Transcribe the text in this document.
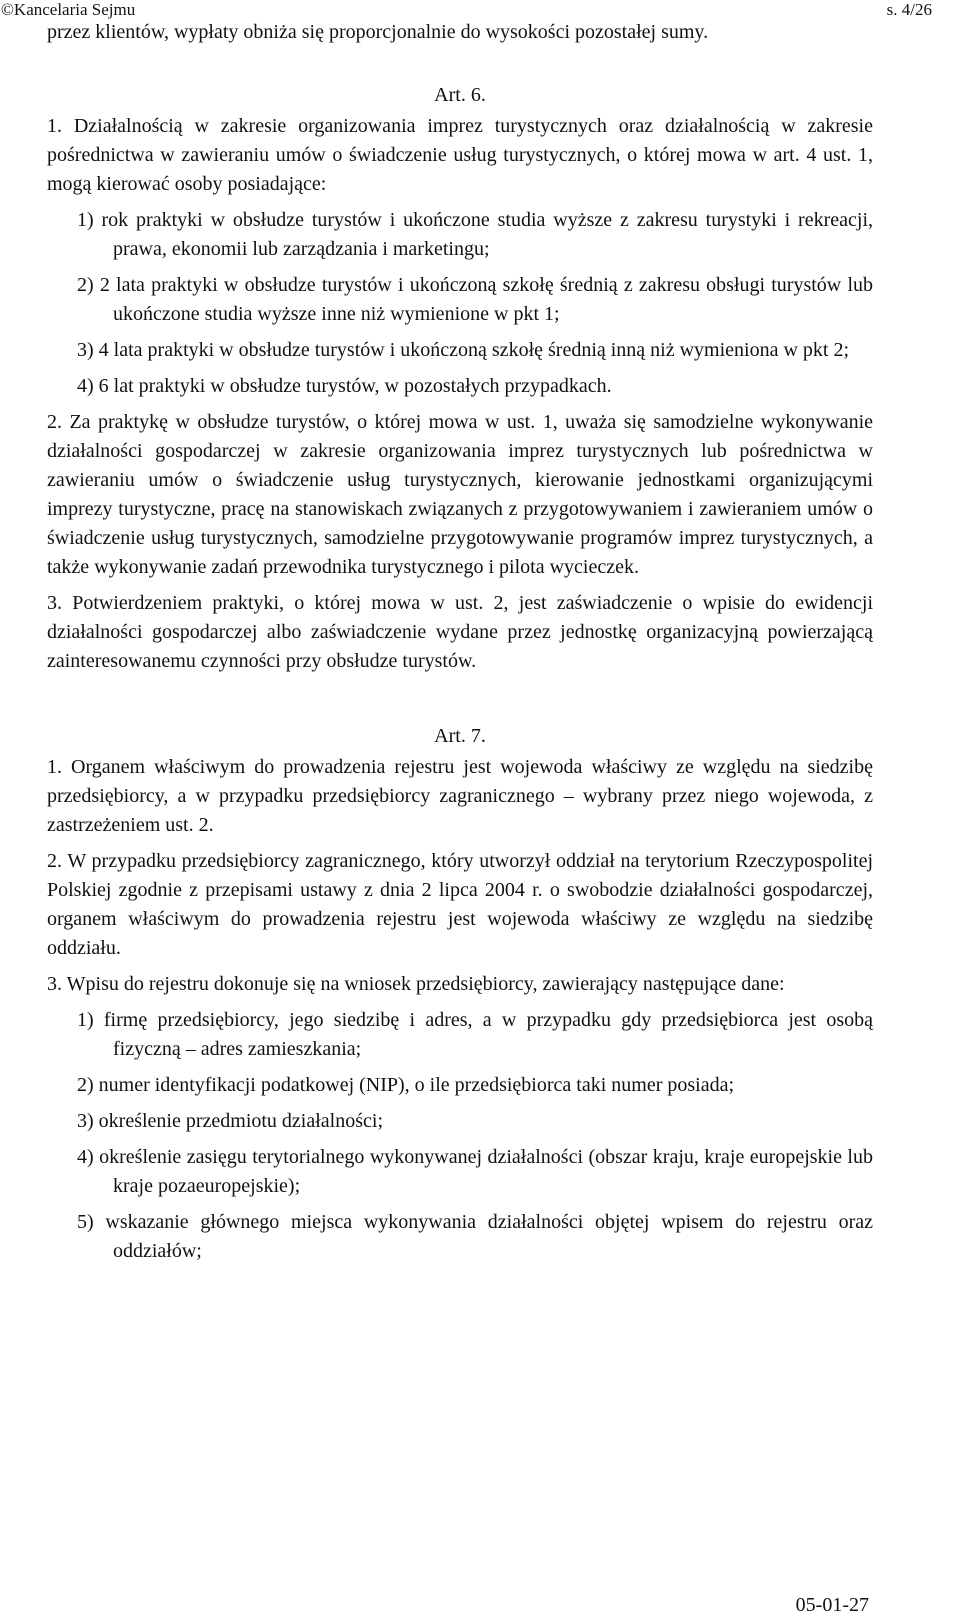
©Kancelaria Sejmu	s. 4/26

przez klientów, wypłaty obniża się proporcjonalnie do wysokości pozostałej sumy.

Art. 6.

1. Działalnością w zakresie organizowania imprez turystycznych oraz działalnością w zakresie pośrednictwa w zawieraniu umów o świadczenie usług turystycznych, o której mowa w art. 4 ust. 1, mogą kierować osoby posiadające:

1) rok praktyki w obsłudze turystów i ukończone studia wyższe z zakresu turystyki i rekreacji, prawa, ekonomii lub zarządzania i marketingu;

2) 2 lata praktyki w obsłudze turystów i ukończoną szkołę średnią z zakresu obsługi turystów lub ukończone studia wyższe inne niż wymienione w pkt 1;

3) 4 lata praktyki w obsłudze turystów i ukończoną szkołę średnią inną niż wymieniona w pkt 2;

4) 6 lat praktyki w obsłudze turystów, w pozostałych przypadkach.

2. Za praktykę w obsłudze turystów, o której mowa w ust. 1, uważa się samodzielne wykonywanie działalności gospodarczej w zakresie organizowania imprez turystycznych lub pośrednictwa w zawieraniu umów o świadczenie usług turystycznych, kierowanie jednostkami organizującymi imprezy turystyczne, pracę na stanowiskach związanych z przygotowywaniem i zawieraniem umów o świadczenie usług turystycznych, samodzielne przygotowywanie programów imprez turystycznych, a także wykonywanie zadań przewodnika turystycznego i pilota wycieczek.

3. Potwierdzeniem praktyki, o której mowa w ust. 2, jest zaświadczenie o wpisie do ewidencji działalności gospodarczej albo zaświadczenie wydane przez jednostkę organizacyjną powierzającą zainteresowanemu czynności przy obsłudze turystów.

Art. 7.

1. Organem właściwym do prowadzenia rejestru jest wojewoda właściwy ze względu na siedzibę przedsiębiorcy, a w przypadku przedsiębiorcy zagranicznego – wybrany przez niego wojewoda, z zastrzeżeniem ust. 2.

2. W przypadku przedsiębiorcy zagranicznego, który utworzył oddział na terytorium Rzeczypospolitej Polskiej zgodnie z przepisami ustawy z dnia 2 lipca 2004 r. o swobodzie działalności gospodarczej, organem właściwym do prowadzenia rejestru jest wojewoda właściwy ze względu na siedzibę oddziału.

3. Wpisu do rejestru dokonuje się na wniosek przedsiębiorcy, zawierający następujące dane:

1) firmę przedsiębiorcy, jego siedzibę i adres, a w przypadku gdy przedsiębiorca jest osobą fizyczną – adres zamieszkania;

2) numer identyfikacji podatkowej (NIP), o ile przedsiębiorca taki numer posiada;

3) określenie przedmiotu działalności;

4) określenie zasięgu terytorialnego wykonywanej działalności (obszar kraju, kraje europejskie lub kraje pozaeuropejskie);

5) wskazanie głównego miejsca wykonywania działalności objętej wpisem do rejestru oraz oddziałów;

05-01-27
